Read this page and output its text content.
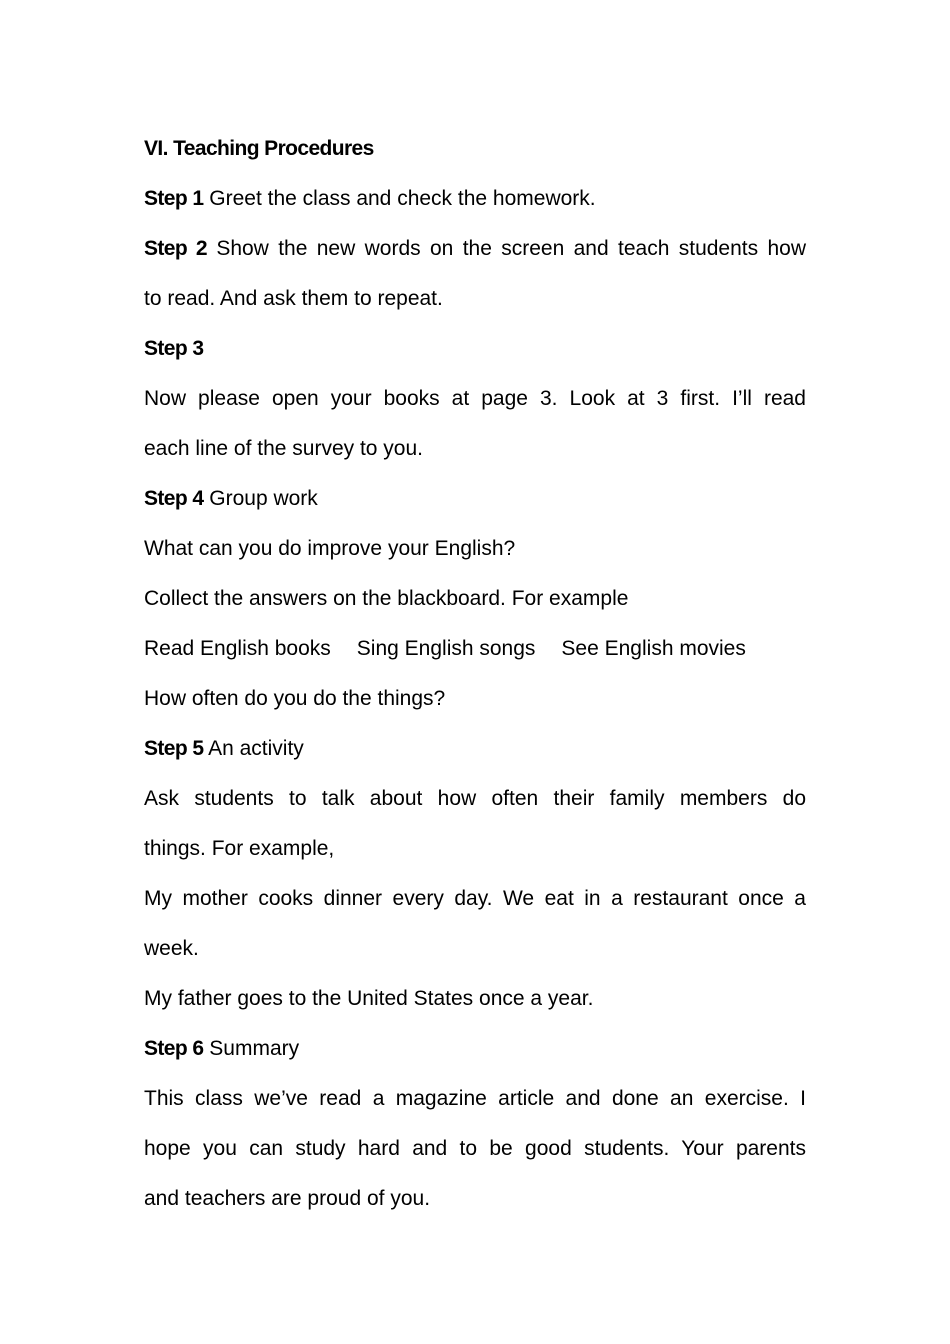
VI. Teaching Procedures
Step 1 Greet the class and check the homework.
Step 2 Show the new words on the screen and teach students how
to read. And ask them to repeat.
Step 3
Now please open your books at page 3. Look at 3 first. I’ll read
each line of the survey to you.
Step 4 Group work
What can you do improve your English?
Collect the answers on the blackboard. For example
Read English books Sing English songs See English movies
How often do you do the things?
Step 5 An activity
Ask students to talk about how often their family members do
things. For example,
My mother cooks dinner every day. We eat in a restaurant once a
week.
My father goes to the United States once a year.
Step 6 Summary
This class we’ve read a magazine article and done an exercise. I
hope you can study hard and to be good students. Your parents
and teachers are proud of you.
